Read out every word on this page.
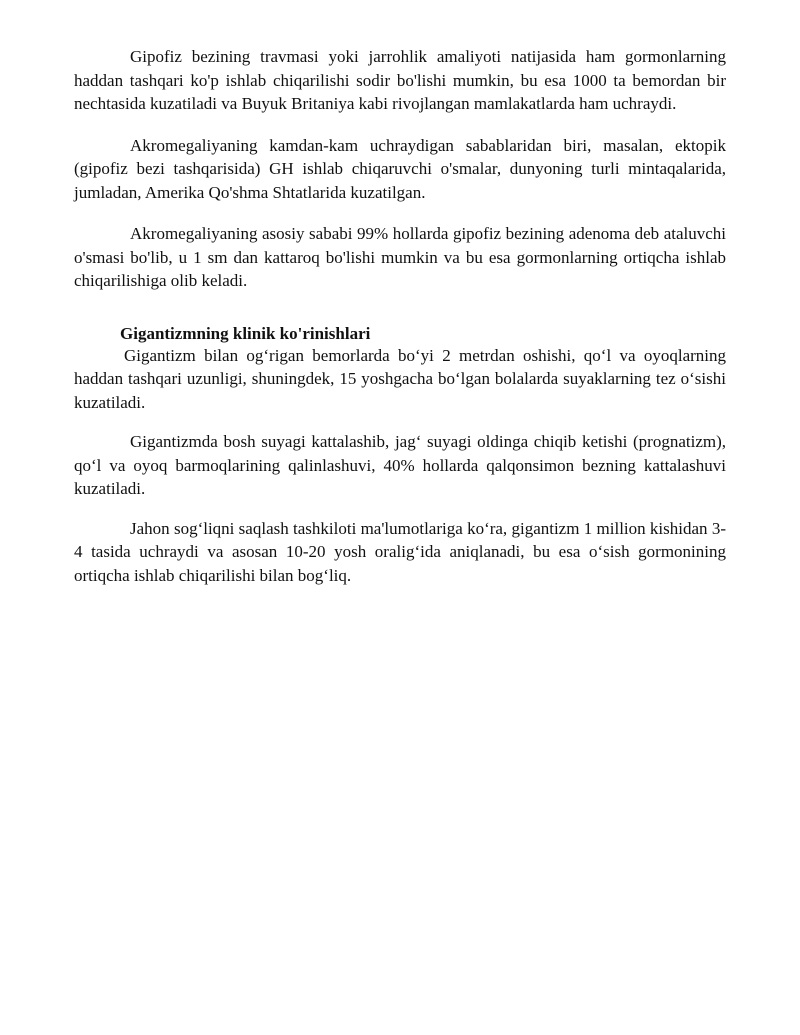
Gipofiz bezining travmasi yoki jarrohlik amaliyoti natijasida ham gormonlarning haddan tashqari ko'p ishlab chiqarilishi sodir bo'lishi mumkin, bu esa 1000 ta bemordan bir nechtasida kuzatiladi va Buyuk Britaniya kabi rivojlangan mamlakatlarda ham uchraydi.

Akromegaliyaning kamdan-kam uchraydigan sabablaridan biri, masalan, ektopik (gipofiz bezi tashqarisida) GH ishlab chiqaruvchi o'smalar, dunyoning turli mintaqalarida, jumladan, Amerika Qo'shma Shtatlarida kuzatilgan.

Akromegaliyaning asosiy sababi 99% hollarda gipofiz bezining adenoma deb ataluvchi o'smasi bo'lib, u 1 sm dan kattaroq bo'lishi mumkin va bu esa gormonlarning ortiqcha ishlab chiqarilishiga olib keladi.

Gigantizmning klinik ko'rinishlari

Gigantizm bilan og‘rigan bemorlarda bo‘yi 2 metrdan oshishi, qo‘l va oyoqlarning haddan tashqari uzunligi, shuningdek, 15 yoshgacha bo‘lgan bolalarda suyaklarning tez o‘sishi kuzatiladi.

Gigantizmda bosh suyagi kattalashib, jag‘ suyagi oldinga chiqib ketishi (prognatizm), qo‘l va oyoq barmoqlarining qalinlashuvi, 40% hollarda qalqonsimon bezning kattalashuvi kuzatiladi.

Jahon sog‘liqni saqlash tashkiloti ma'lumotlariga ko‘ra, gigantizm 1 million kishidan 3-4 tasida uchraydi va asosan 10-20 yosh oralig‘ida aniqlanadi, bu esa o‘sish gormonining ortiqcha ishlab chiqarilishi bilan bog‘liq.
